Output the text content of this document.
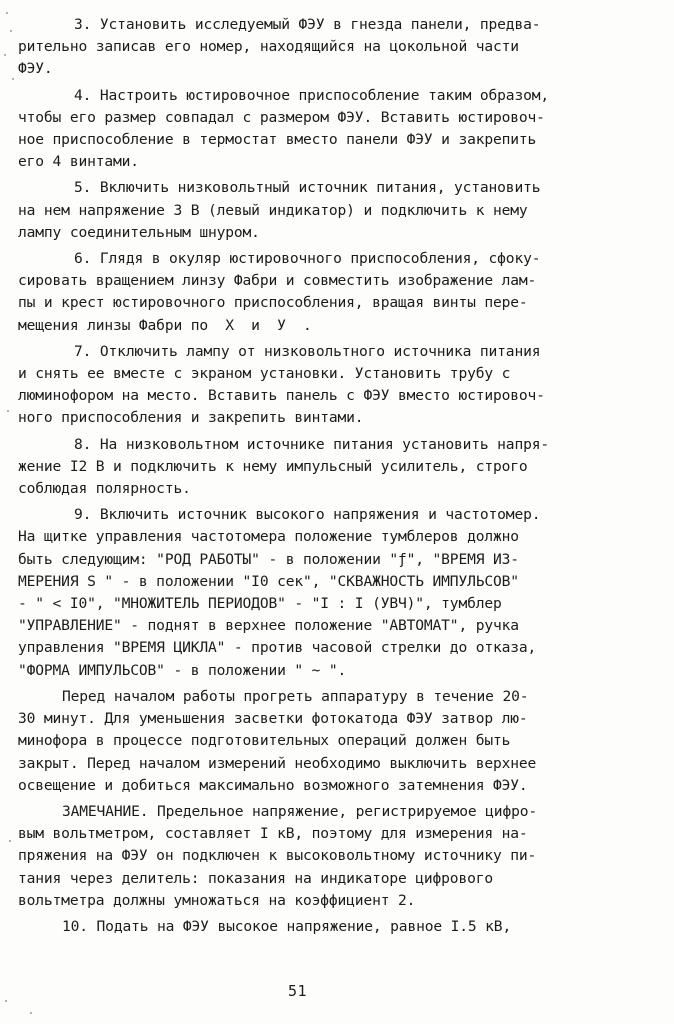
3. Установить исследуемый ФЭУ в гнезда панели, предва-
рительно записав его номер, находящийся на цокольной части
ФЭУ.
4. Настроить юстировочное приспособление таким образом,
чтобы его размер совпадал с размером ФЭУ. Вставить юстировоч-
ное приспособление в термостат вместо панели ФЭУ и закрепить
его 4 винтами.
5. Включить низковольтный источник питания, установить
на нем напряжение 3 В (левый индикатор) и подключить к нему
лампу соединительным шнуром.
6. Глядя в окуляр юстировочного приспособления, сфоку-
сировать вращением линзу Фабри и совместить изображение лам-
пы и крест юстировочного приспособления, вращая винты пере-
мещения линзы Фабри по  Х  и  У  .
7. Отключить лампу от низковольтного источника питания
и снять ее вместе с экраном установки. Установить трубу с
люминофором на место. Вставить панель с ФЭУ вместо юстировоч-
ного приспособления и закрепить винтами.
8. На низковольтном источнике питания установить напря-
жение I2 В и подключить к нему импульсный усилитель, строго
соблюдая полярность.
9. Включить источник высокого напряжения и частотомер.
На щитке управления частотомера положение тумблеров должно
быть следующим: "РОД РАБОТЫ" - в положении "ƒ", "ВРЕМЯ ИЗ-
МЕРЕНИЯ S " - в положении "I0 сек", "СКВАЖНОСТЬ ИМПУЛЬСОВ"
- " < I0", "МНОЖИТЕЛЬ ПЕРИОДОВ" - "I : I (УВЧ)", тумблер
"УПРАВЛЕНИЕ" - поднят в верхнее положение "АВТОМАТ", ручка
управления "ВРЕМЯ ЦИКЛА" - против часовой стрелки до отказа,
"ФОРМА ИМПУЛЬСОВ" - в положении " ∼ ".
Перед началом работы прогреть аппаратуру в течение 20-
30 минут. Для уменьшения засветки фотокатода ФЭУ затвор лю-
минофора в процессе подготовительных операций должен быть
закрыт. Перед началом измерений необходимо выключить верхнее
освещение и добиться максимально возможного затемнения ФЭУ.
ЗАМЕЧАНИЕ. Предельное напряжение, регистрируемое цифро-
вым вольтметром, составляет I кВ, поэтому для измерения на-
пряжения на ФЭУ он подключен к высоковольтному источнику пи-
тания через делитель: показания на индикаторе цифрового
вольтметра должны умножаться на коэффициент 2.
10. Подать на ФЭУ высокое напряжение, равное I.5 кВ,
51
